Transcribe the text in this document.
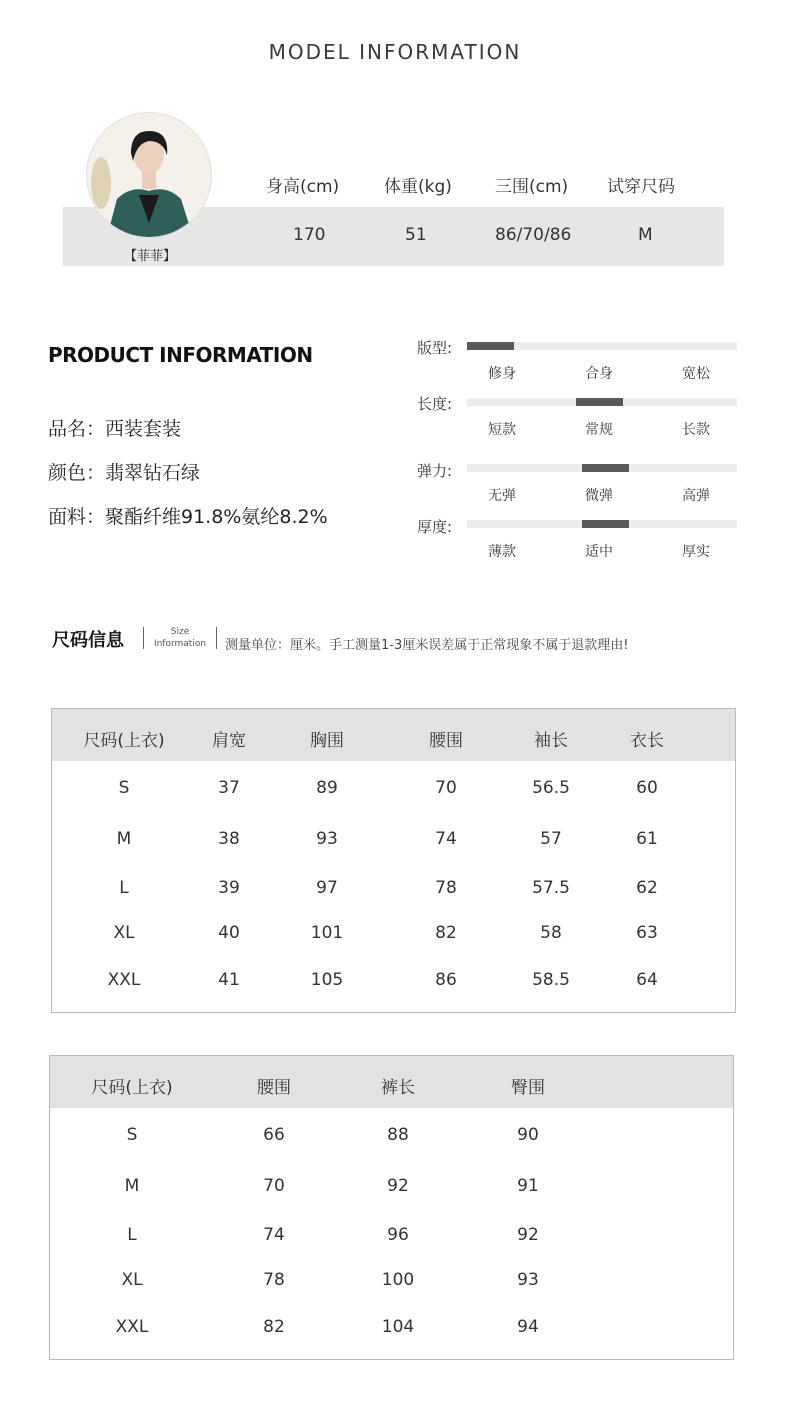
MODEL INFORMATION
【菲菲】
身高(cm)	体重(kg)	三围(cm) 试穿尺码
170	51	86/70/86	M
PRODUCT INFORMATION
品名：西装套装
颜色：翡翠钻石绿
面料：聚酯纤维91.8%氨纶8.2%
版型:
修身	合身	宽松
长度:
短款	常规	长款
弹力:
无弹	微弹	高弹
厚度:
薄款	适中	厚实
尺码信息	Size
Information 测量单位：厘米。手工测量1-3厘米误差属于正常现象不属于退款理由!
尺码(上衣)	肩宽	胸围	腰围	袖长	衣长
S	37	89	70	56.5	60
M	38	93	74	57	61
L	39	97	78	57.5	62
XL	40	101	82	58	63
XXL	41	105	86	58.5	64
尺码(上衣)	腰围	裤长	臀围
S	66	88	90
M	70	92	91
L	74	96	92
XL	78	100	93
XXL	82	104	94
